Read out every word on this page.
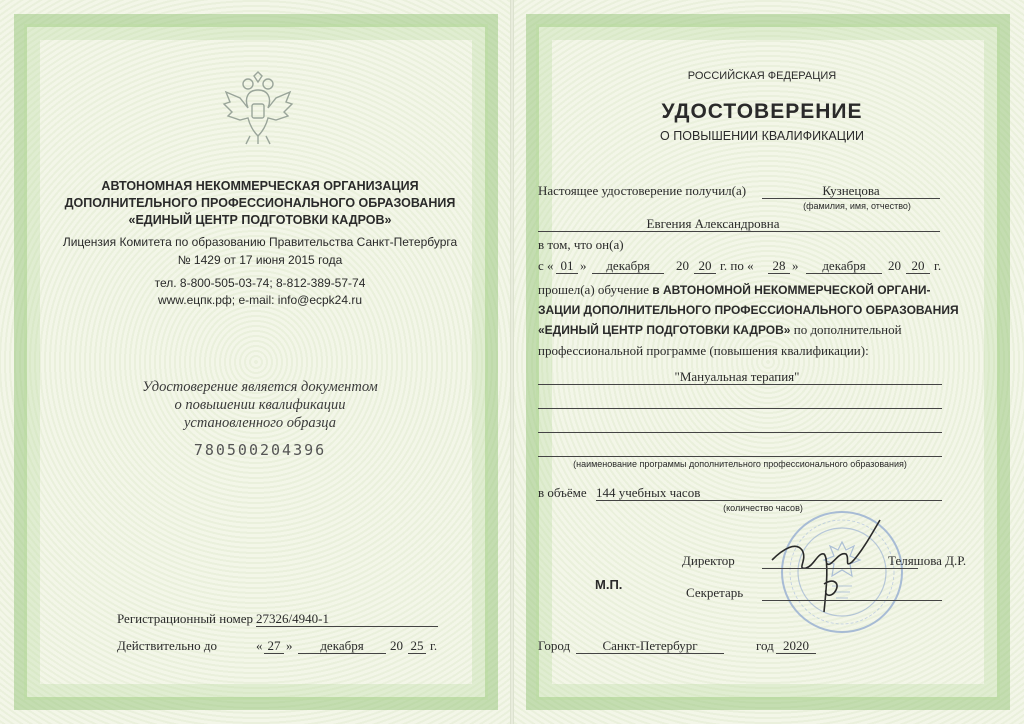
АВТОНОМНАЯ НЕКОММЕРЧЕСКАЯ ОРГАНИЗАЦИЯ
ДОПОЛНИТЕЛЬНОГО ПРОФЕССИОНАЛЬНОГО ОБРАЗОВАНИЯ
«ЕДИНЫЙ ЦЕНТР ПОДГОТОВКИ КАДРОВ»
Лицензия Комитета по образованию Правительства Санкт-Петербурга
№ 1429 от 17 июня 2015 года
тел. 8-800-505-03-74; 8-812-389-57-74
www.ецпк.рф; e-mail: info@ecpk24.ru
Удостоверение является документом
о повышении квалификации
установленного образца
780500204396
Регистрационный номер 27326/4940-1
Действительно до	« 27 »	декабря	20 25 г.
РОССИЙСКАЯ ФЕДЕРАЦИЯ
УДОСТОВЕРЕНИЕ
О ПОВЫШЕНИИ КВАЛИФИКАЦИИ
Настоящее удостоверение получил(а)	Кузнецова
(фамилия, имя, отчество)
Евгения Александровна
в том, что он(а)
с « 01 »	декабря	20 20 г. по «	28 »	декабря	20 20 г.
прошел(а) обучение в АВТОНОМНОЙ НЕКОММЕРЧЕСКОЙ ОРГАНИ-
ЗАЦИИ ДОПОЛНИТЕЛЬНОГО ПРОФЕССИОНАЛЬНОГО ОБРАЗОВАНИЯ
«ЕДИНЫЙ ЦЕНТР ПОДГОТОВКИ КАДРОВ» по дополнительной
профессиональной программе (повышения квалификации):
"Мануальная терапия"
(наименование программы дополнительного профессионального образования)
в объёме 144 учебных часов
(количество часов)
Директор	Теляшова Д.Р.
М.П.
Секретарь
Город	Санкт-Петербург	год 2020
